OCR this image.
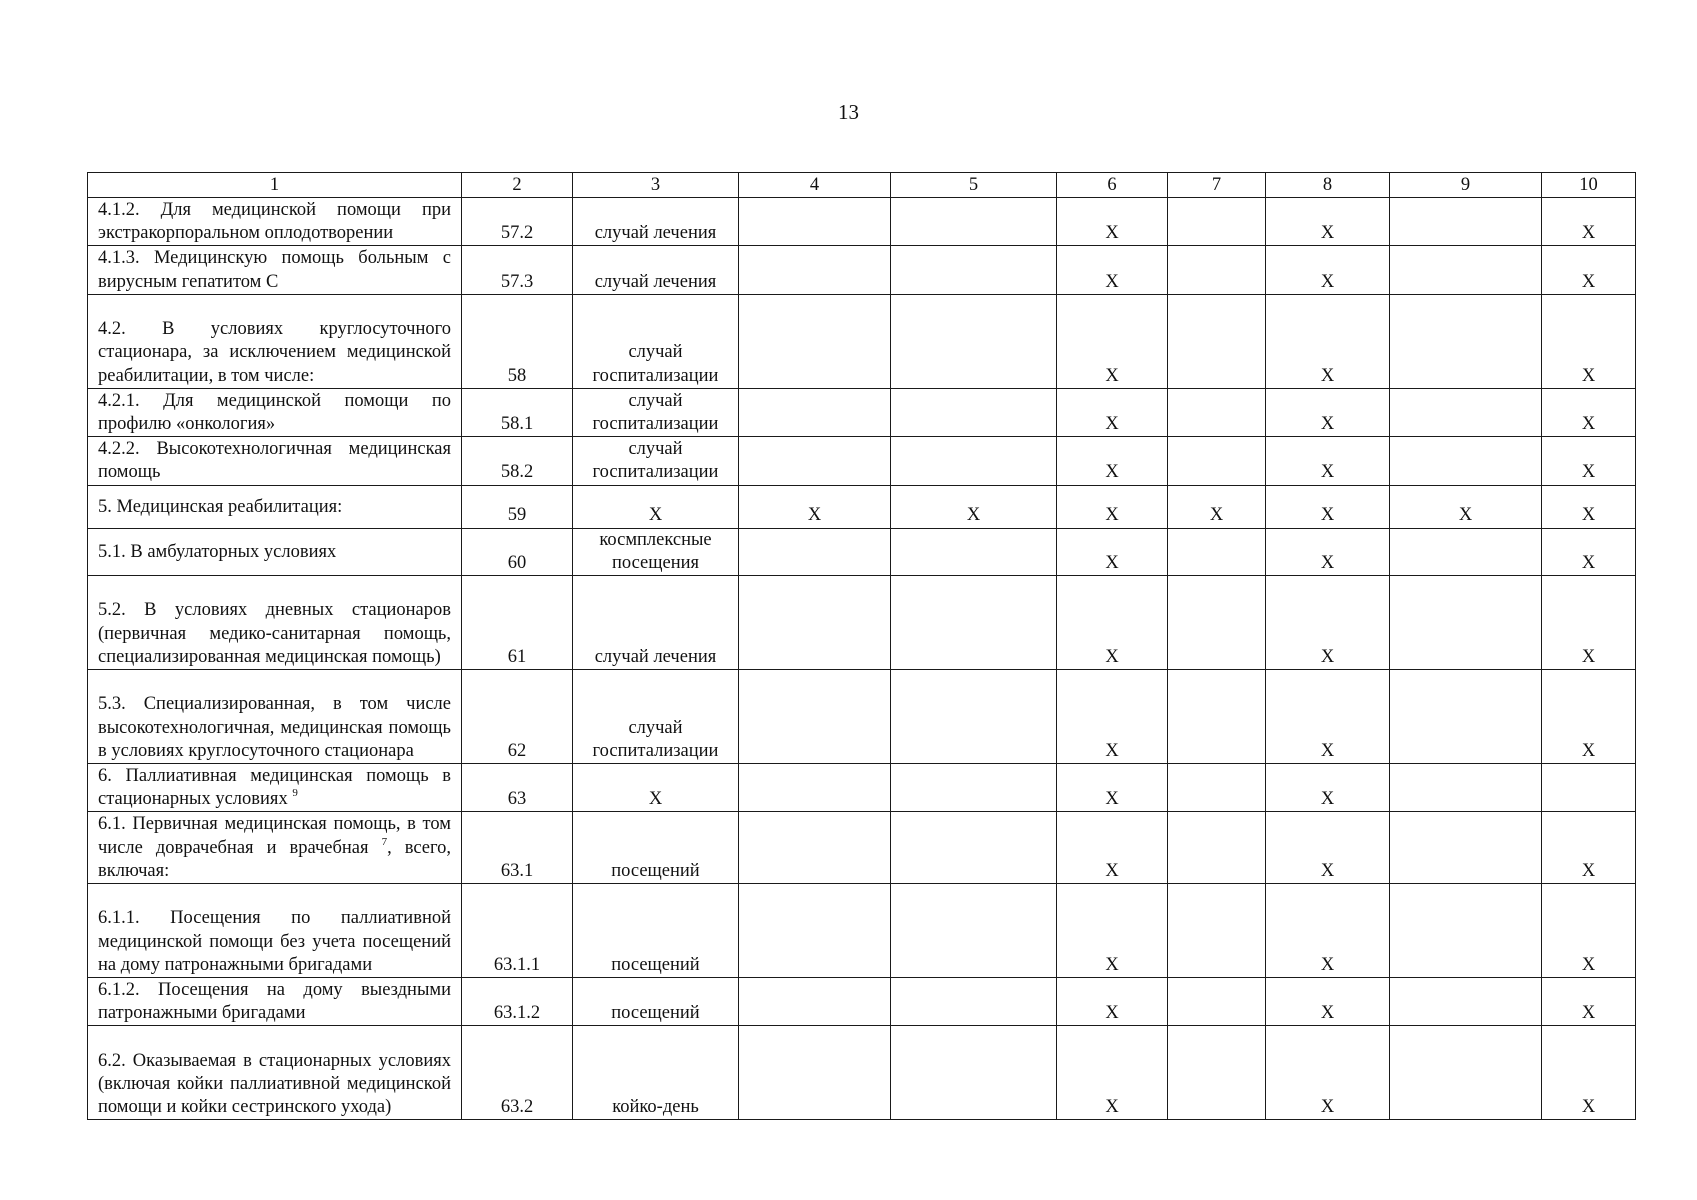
13
1	2	3	4	5	6	7	8	9	10
4.1.2. Для медицинской помощи при экстракорпоральном оплодотворении	57.2	случай лечения			X		X		X
4.1.3. Медицинскую помощь больным с вирусным гепатитом С	57.3	случай лечения			X		X		X
4.2. В условиях круглосуточного стационара, за исключением медицинской реабилитации, в том числе:	58	случай госпитализации			X		X		X
4.2.1. Для медицинской помощи по профилю «онкология»	58.1	случай госпитализации			X		X		X
4.2.2. Высокотехнологичная медицинская помощь	58.2	случай госпитализации			X		X		X
5. Медицинская реабилитация:	59	X	X	X	X	X	X	X	X
5.1. В амбулаторных условиях	60	космплексные посещения			X		X		X
5.2. В условиях дневных стационаров (первичная медико-санитарная помощь, специализированная медицинская помощь)	61	случай лечения			X		X		X
5.3. Специализированная, в том числе высокотехнологичная, медицинская помощь в условиях круглосуточного стационара	62	случай госпитализации			X		X		X
6. Паллиативная медицинская помощь в стационарных условиях $^9$	63	X			X		X		
6.1. Первичная медицинская помощь, в том числе доврачебная и врачебная $^7$, всего, включая:	63.1	посещений			X		X		X
6.1.1. Посещения по паллиативной медицинской помощи без учета посещений на дому патронажными бригадами	63.1.1	посещений			X		X		X
6.1.2. Посещения на дому выездными патронажными бригадами	63.1.2	посещений			X		X		X
6.2. Оказываемая в стационарных условиях (включая койки паллиативной медицинской помощи и койки сестринского ухода)	63.2	койко-день			X		X		X
